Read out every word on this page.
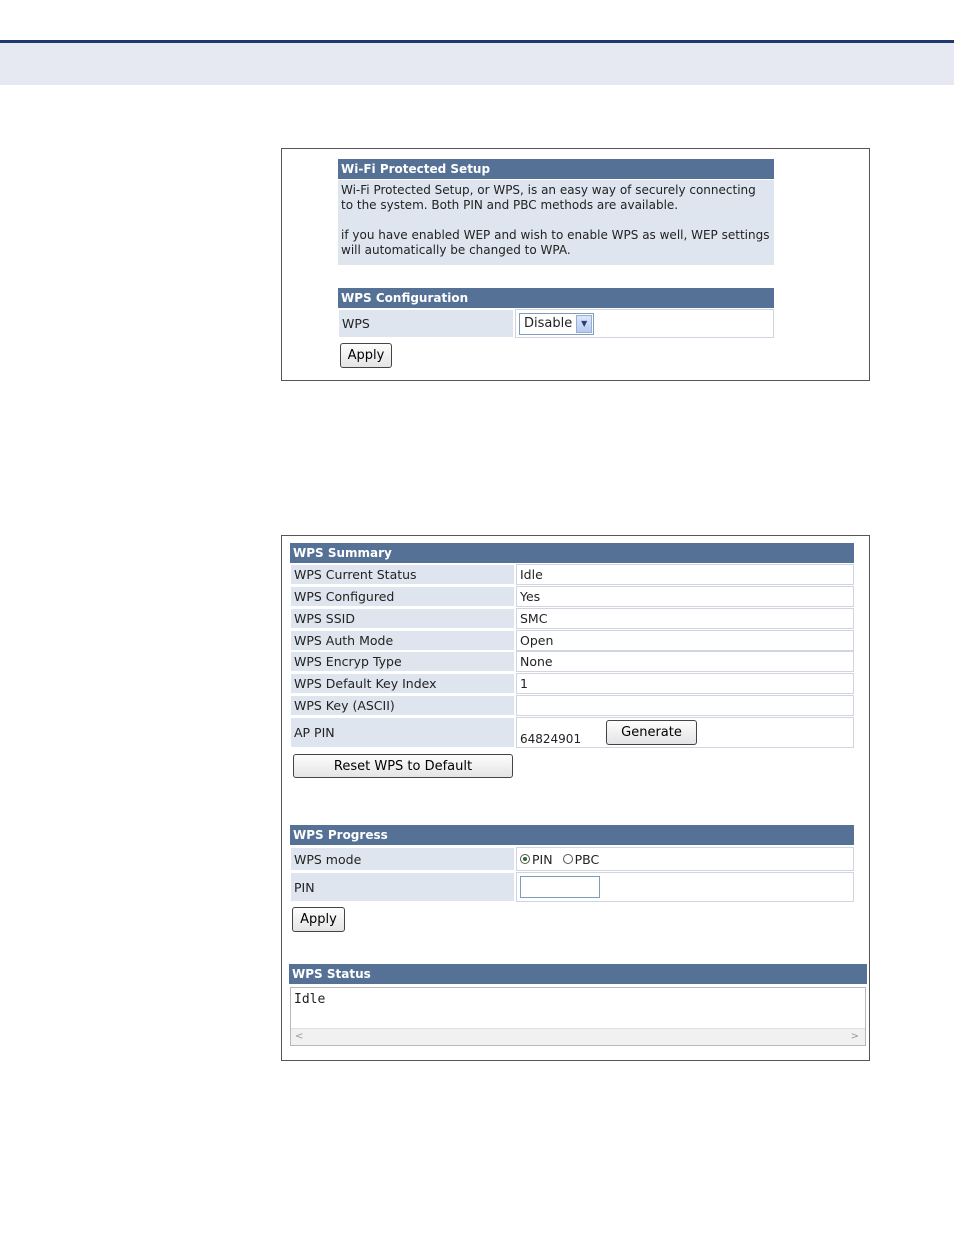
Wi-Fi Protected Setup

Wi-Fi Protected Setup, or WPS, is an easy way of securely connecting to the system. Both PIN and PBC methods are available.

if you have enabled WEP and wish to enable WPS as well, WEP settings will automatically be changed to WPA.

WPS Configuration
WPS	Disable	▼
Apply
WPS Summary
WPS Current Status	Idle
WPS Configured	Yes
WPS SSID	SMC
WPS Auth Mode	Open
WPS Encryp Type	None
WPS Default Key Index	1
WPS Key (ASCII)
AP PIN	64824901	Generate
Reset WPS to Default
WPS Progress
WPS mode	PIN PBC
PIN
Apply
WPS Status
Idle
<	>
